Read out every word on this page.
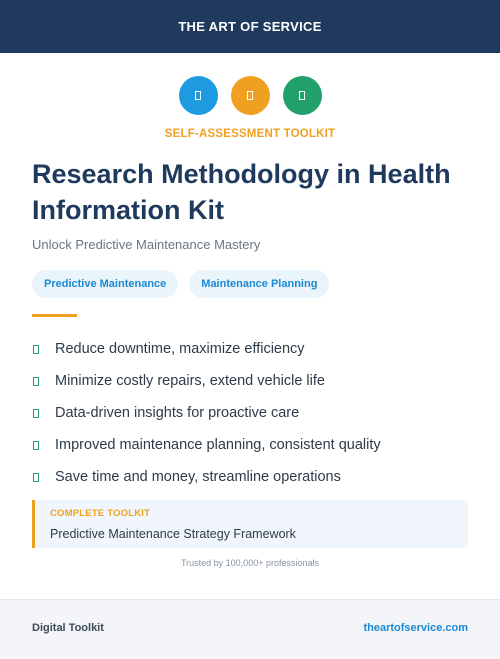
THE ART OF SERVICE
SELF-ASSESSMENT TOOLKIT
Research Methodology in Health Information Kit
Unlock Predictive Maintenance Mastery
Predictive Maintenance	Maintenance Planning
Reduce downtime, maximize efficiency
Minimize costly repairs, extend vehicle life
Data-driven insights for proactive care
Improved maintenance planning, consistent quality
Save time and money, streamline operations
COMPLETE TOOLKIT
Predictive Maintenance Strategy Framework
Trusted by 100,000+ professionals
Digital Toolkit	theartofservice.com
